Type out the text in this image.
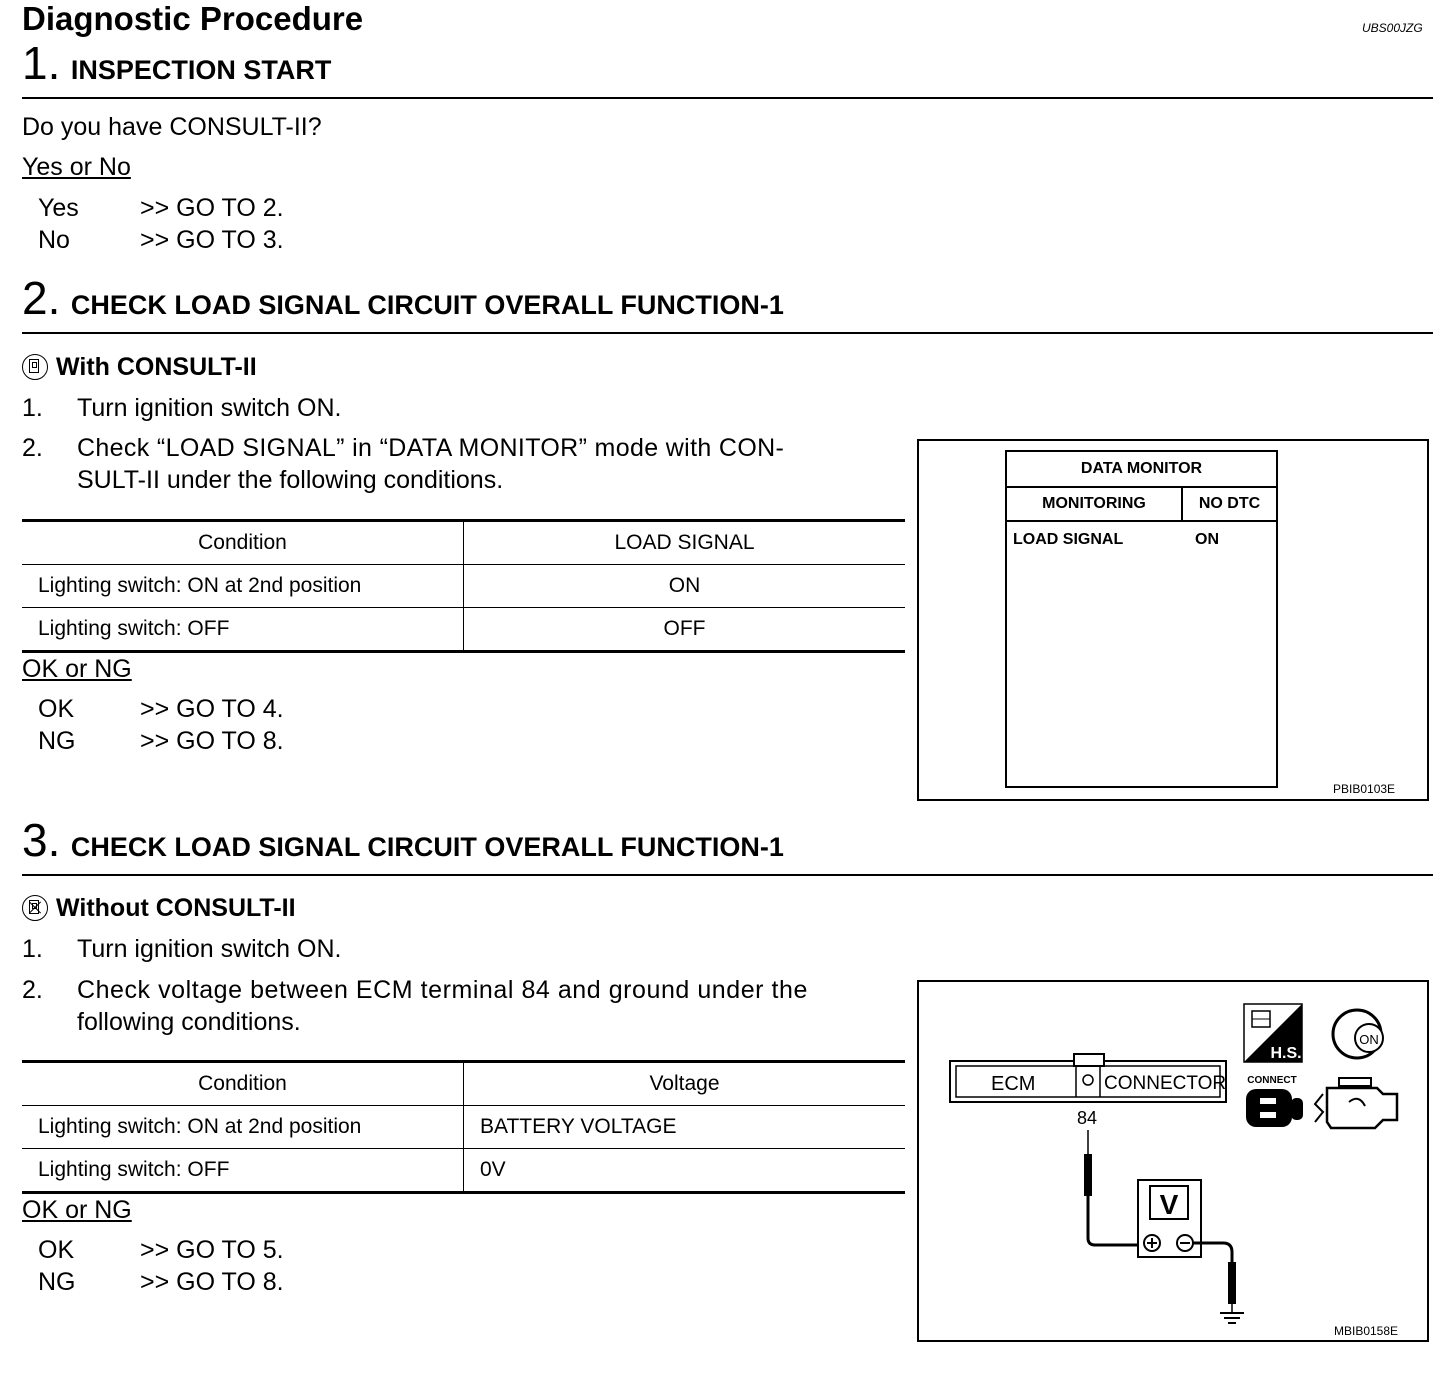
Diagnostic Procedure	UBS00JZG
1. INSPECTION START
Do you have CONSULT-II?
Yes or No
Yes >> GO TO 2.
No	>> GO TO 3.
2. CHECK LOAD SIGNAL CIRCUIT OVERALL FUNCTION-1
With CONSULT-II
1. Turn ignition switch ON.
2. Check “LOAD SIGNAL” in “DATA MONITOR” mode with CON-
SULT-II under the following conditions.
Condition	LOAD SIGNAL
Lighting switch: ON at 2nd position	ON
Lighting switch: OFF	OFF
OK or NG
OK	>> GO TO 4.
NG	>> GO TO 8.
DATA MONITOR
MONITORING	NO DTC
LOAD SIGNAL	ON
PBIB0103E
3. CHECK LOAD SIGNAL CIRCUIT OVERALL FUNCTION-1
Without CONSULT-II
1. Turn ignition switch ON.
2. Check voltage between ECM terminal 84 and ground under the
following conditions.
Condition	Voltage
Lighting switch: ON at 2nd position	BATTERY VOLTAGE
Lighting switch: OFF	0V
OK or NG
OK	>> GO TO 5.
NG	>> GO TO 8.
ECM	CONNECTOR
84
V
H.S.
ON
CONNECT
MBIB0158E
